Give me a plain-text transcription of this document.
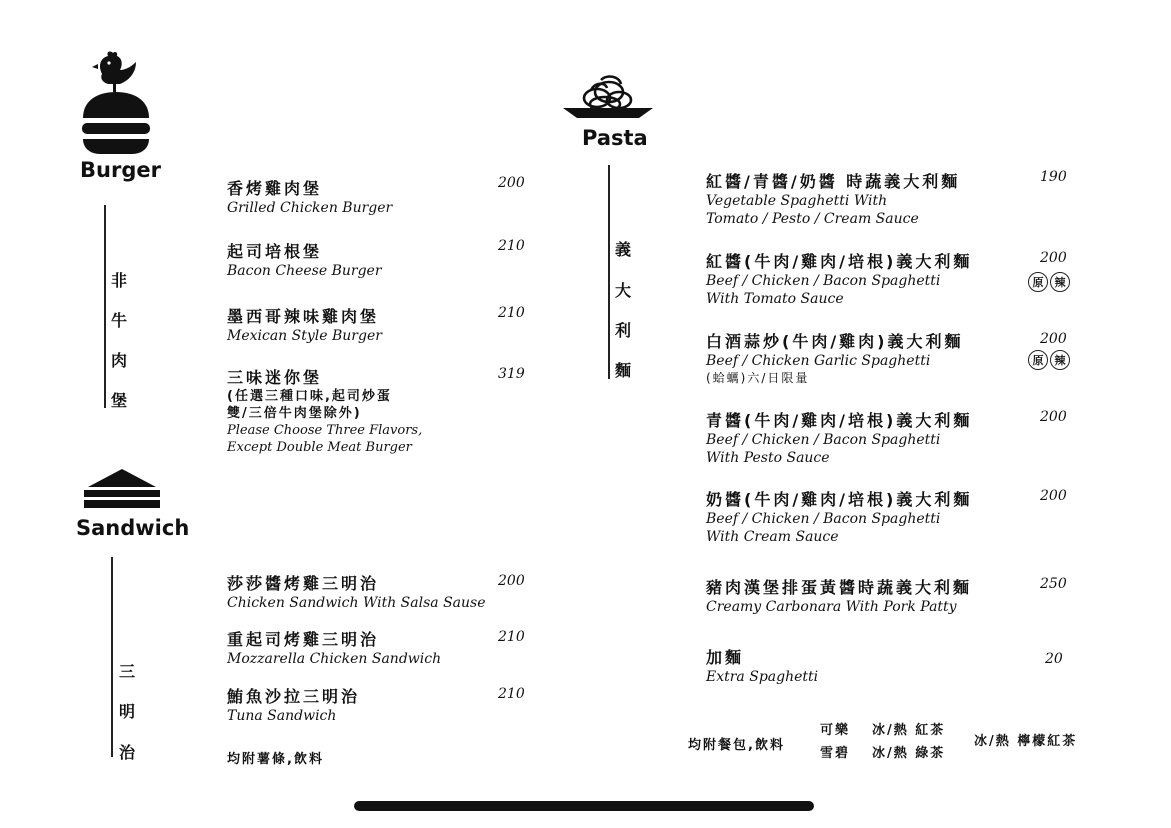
Burger
非
牛
肉
堡
香烤雞肉堡
Grilled Chicken Burger
200
起司培根堡
Bacon Cheese Burger
210
墨西哥辣味雞肉堡
Mexican Style Burger
210
三味迷你堡
(任選三種口味,起司炒蛋
雙/三倍牛肉堡除外)
Please Choose Three Flavors,
Except Double Meat Burger
319
Sandwich
三
明
治
莎莎醬烤雞三明治
Chicken Sandwich With Salsa Sause
200
重起司烤雞三明治
Mozzarella Chicken Sandwich
210
鮪魚沙拉三明治
Tuna Sandwich
210
均附薯條,飲料
Pasta
義
大
利
麵
紅醬/青醬/奶醬 時蔬義大利麵
Vegetable Spaghetti With
Tomato / Pesto / Cream Sauce
190
紅醬(牛肉/雞肉/培根)義大利麵
Beef / Chicken / Bacon Spaghetti
With Tomato Sauce
200
原	辣
白酒蒜炒(牛肉/雞肉)義大利麵
Beef / Chicken Garlic Spaghetti
(蛤蠣)六/日限量
200
原	辣
青醬(牛肉/雞肉/培根)義大利麵
Beef / Chicken / Bacon Spaghetti
With Pesto Sauce
200
奶醬(牛肉/雞肉/培根)義大利麵
Beef / Chicken / Bacon Spaghetti
With Cream Sauce
200
豬肉漢堡排蛋黃醬時蔬義大利麵
Creamy Carbonara With Pork Patty
250
加麵
Extra Spaghetti
20
均附餐包,飲料
可樂
雪碧
冰/熱 紅茶
冰/熱 綠茶
冰/熱 檸檬紅茶
